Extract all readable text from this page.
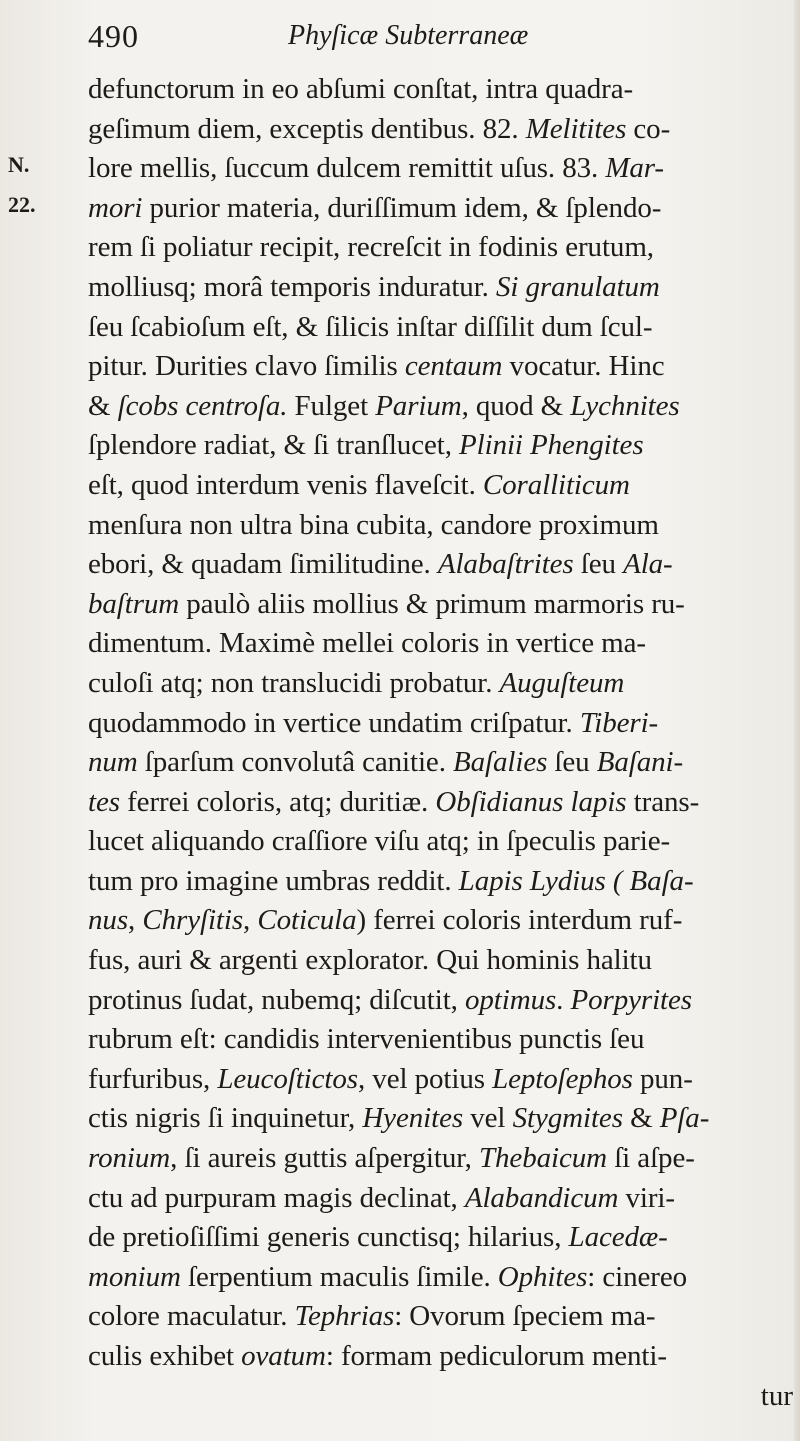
490	Phyſicæ Subterraneæ
N.
22.
defunctorum in eo abſumi conſtat, intra quadra-
geſimum diem, exceptis dentibus. 82. Melitites co-
lore mellis, ſuccum dulcem remittit uſus. 83. Mar-
mori purior materia, duriſſimum idem, & ſplendo-
rem ſi poliatur recipit, recreſcit in fodinis erutum,
molliusq; morâ temporis induratur. Si granulatum
ſeu ſcabioſum eſt, & ſilicis inſtar diſſilit dum ſcul-
pitur. Durities clavo ſimilis centaum vocatur. Hinc
& ſcobs centroſa. Fulget Parium, quod & Lychnites
ſplendore radiat, & ſi tranſlucet, Plinii Phengites
eſt, quod interdum venis flaveſcit. Coralliticum
menſura non ultra bina cubita, candore proximum
ebori, & quadam ſimilitudine. Alabaſtrites ſeu Ala-
baſtrum paulò aliis mollius & primum marmoris ru-
dimentum. Maximè mellei coloris in vertice ma-
culoſi atq; non translucidi probatur. Auguſteum
quodammodo in vertice undatim criſpatur. Tiberi-
num ſparſum convolutâ canitie. Baſalies ſeu Baſani-
tes ferrei coloris, atq; duritiæ. Obſidianus lapis trans-
lucet aliquando craſſiore viſu atq; in ſpeculis parie-
tum pro imagine umbras reddit. Lapis Lydius ( Baſa-
nus, Chryſitis, Coticula) ferrei coloris interdum ruf-
fus, auri & argenti explorator. Qui hominis halitu
protinus ſudat, nubemq; diſcutit, optimus. Porpyrites
rubrum eſt: candidis intervenientibus punctis ſeu
furfuribus, Leucoſtictos, vel potius Leptoſephos pun-
ctis nigris ſi inquinetur, Hyenites vel Stygmites & Pſa-
ronium, ſi aureis guttis aſpergitur, Thebaicum ſi aſpe-
ctu ad purpuram magis declinat, Alabandicum viri-
de pretioſiſſimi generis cunctisq; hilarius, Lacedæ-
monium ſerpentium maculis ſimile. Ophites: cinereo
colore maculatur. Tephrias: Ovorum ſpeciem ma-
culis exhibet ovatum: formam pediculorum menti-
tur
